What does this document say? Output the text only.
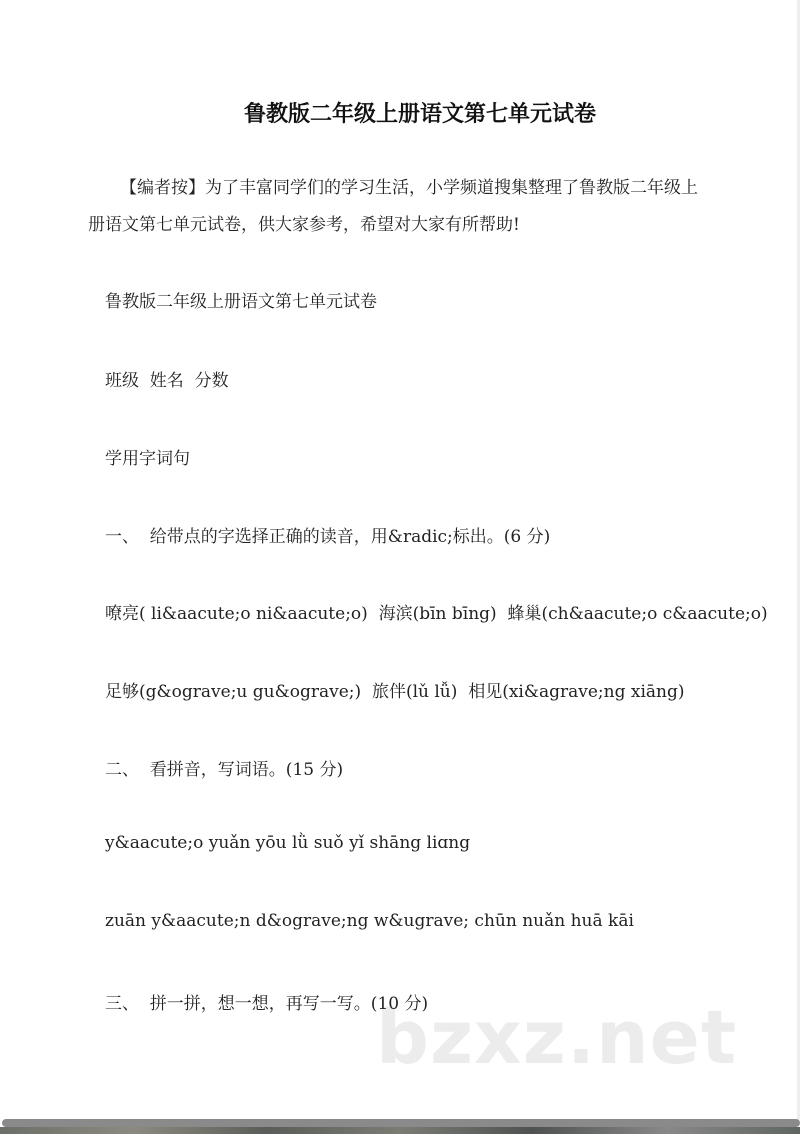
鲁教版二年级上册语文第七单元试卷

【编者按】为了丰富同学们的学习生活，小学频道搜集整理了鲁教版二年级上册语文第七单元试卷，供大家参考，希望对大家有所帮助!

鲁教版二年级上册语文第七单元试卷
班级  姓名  分数
学用字词句
一、  给带点的字选择正确的读音，用&radic;标出。(6 分)
嘹亮( li&aacute;o ni&aacute;o)  海滨(bīn bīng)  蜂巢(ch&aacute;o c&aacute;o)
足够(g&ograve;u gu&ograve;)  旅伴(lǔ lǚ)  相见(xi&agrave;ng xiāng)
二、  看拼音，写词语。(15 分)
y&aacute;o yuǎn yōu lǜ suǒ yǐ shāng liɑng
zuān y&aacute;n d&ograve;ng w&ugrave; chūn nuǎn huā kāi
bzxz.net
三、  拼一拼，想一想，再写一写。(10 分)
